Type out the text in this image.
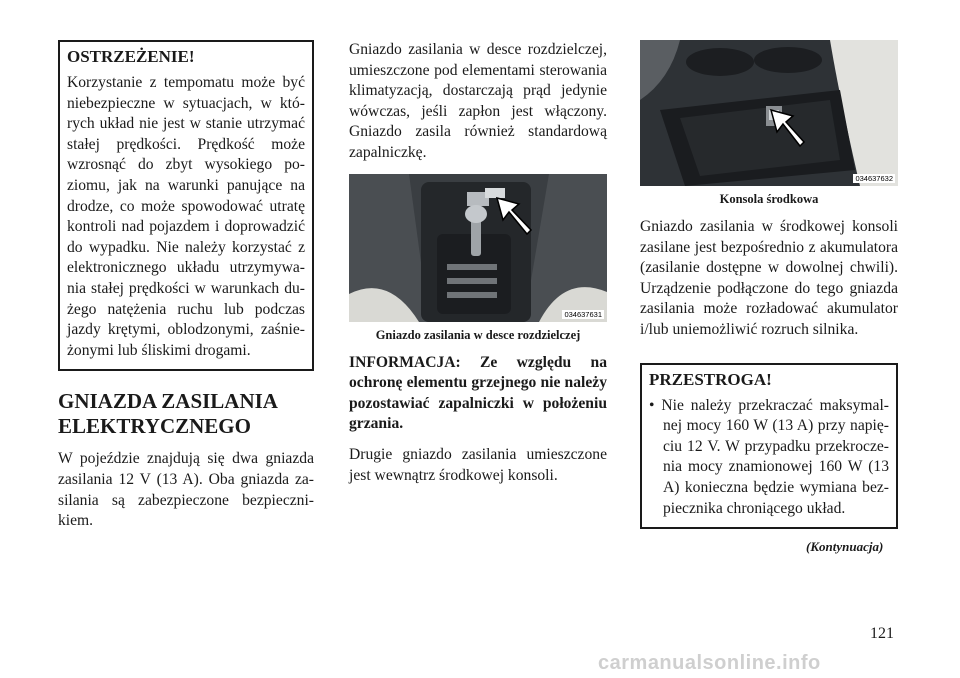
OSTRZEŻENIE!

Korzystanie z tempomatu może być niebezpieczne w sytuacjach, w których układ nie jest w stanie utrzymać stałej prędkości. Prędkość może wzrosnąć do zbyt wysokiego poziomu, jak na warunki panujące na drodze, co może spowodować utratę kontroli nad pojazdem i doprowadzić do wypadku. Nie należy korzystać z elektronicznego układu utrzymywania stałej prędkości w warunkach dużego natężenia ruchu lub podczas jazdy krętymi, oblodzonymi, zaśnieżonymi lub śliskimi drogami.

GNIAZDA ZASILANIA
ELEKTRYCZNEGO

W pojeździe znajdują się dwa gniazda zasilania 12 V (13 A). Oba gniazda zasilania są zabezpieczone bezpiecznikiem.

Gniazdo zasilania w desce rozdzielczej, umieszczone pod elementami sterowania klimatyzacją, dostarczają prąd jedynie wówczas, jeśli zapłon jest włączony. Gniazdo zasila również standardową zapalniczkę.

034637631
Gniazdo zasilania w desce rozdzielczej

INFORMACJA: Ze względu na ochronę elementu grzejnego nie należy pozostawiać zapalniczki w położeniu grzania.

Drugie gniazdo zasilania umieszczone jest wewnątrz środkowej konsoli.

034637632
Konsola środkowa

Gniazdo zasilania w środkowej konsoli zasilane jest bezpośrednio z akumulatora (zasilanie dostępne w dowolnej chwili). Urządzenie podłączone do tego gniazda zasilania może rozładować akumulator i/lub uniemożliwić rozruch silnika.

PRZESTROGA!
• Nie należy przekraczać maksymalnej mocy 160 W (13 A) przy napięciu 12 V. W przypadku przekroczenia mocy znamionowej 160 W (13 A) konieczna będzie wymiana bezpiecznika chroniącego układ.
(Kontynuacja)
121
carmanualsonline.info
